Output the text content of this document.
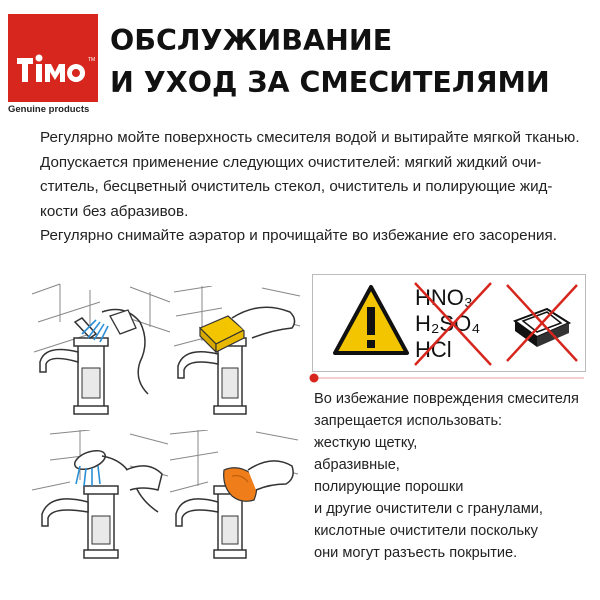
TM
Genuine products
ОБСЛУЖИВАНИЕ
И УХОД ЗА СМЕСИТЕЛЯМИ

Регулярно мойте поверхность смесителя водой и вытирайте мягкой тканью.

Допускается применение следующих очистителей: мягкий жидкий очи-

ститель, бесцветный очиститель стекол, очиститель и полирующие жид-

кости без абразивов.

Регулярно снимайте аэратор и прочищайте во избежание его засорения.

HNO₃
H₂SO₄
HCl
Во избежание повреждения смесителя
запрещается использовать:
жесткую щетку,
абразивные,
полирующие порошки
и другие очистители с гранулами,
кислотные очистители поскольку
они могут разъесть покрытие.
